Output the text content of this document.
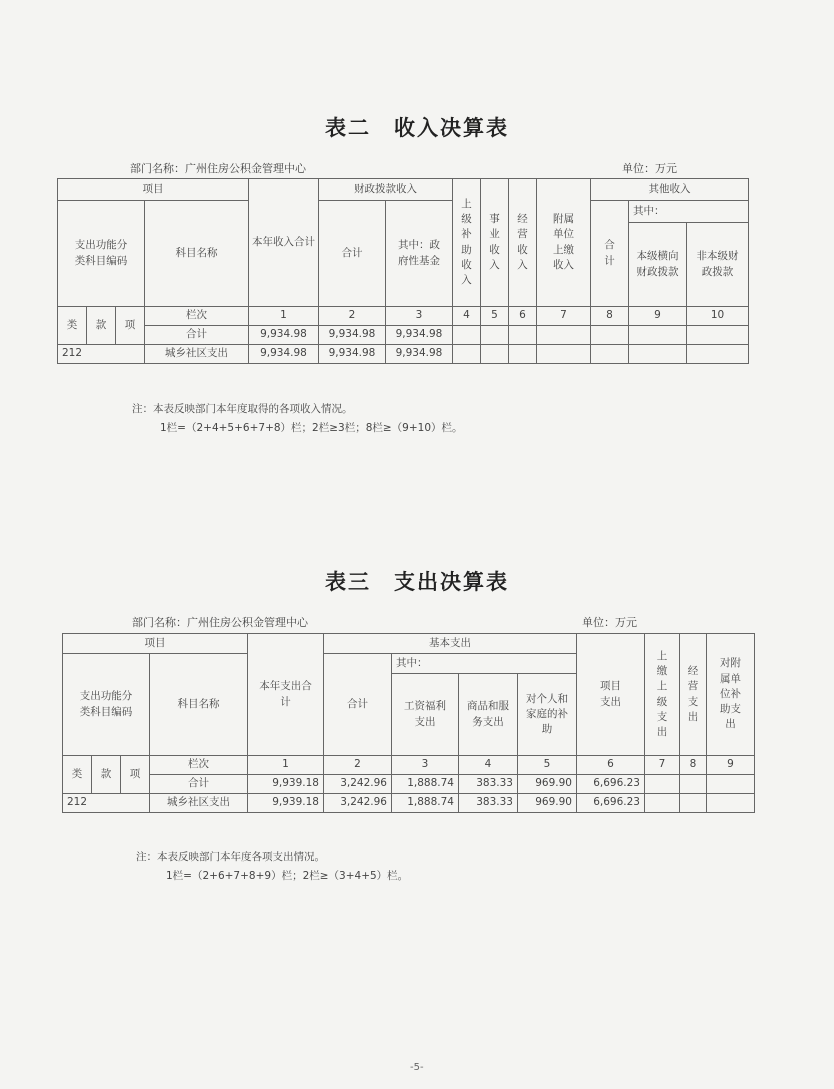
表二　收入决算表
部门名称：广州住房公积金管理中心	单位：万元
项目				本年收入合计	财政拨款收入		上级补助收入	事业收入	经营收入	附属单位上缴收入	其他收入		
支出功能分类科目编码			科目名称		合计	其中：政府性基金					合计	其中：	
												本级横向财政拨款	非本级财政拨款
类	款	项	栏次	1	2	3	4	5	6	7	8	9	10
			合计	9,934.98	9,934.98	9,934.98							
212			城乡社区支出	9,934.98	9,934.98	9,934.98							
注：本表反映部门本年度取得的各项收入情况。
1栏=（2+4+5+6+7+8）栏；2栏≥3栏；8栏≥（9+10）栏。
表三　支出决算表
部门名称：广州住房公积金管理中心	单位：万元
项目				本年支出合计	基本支出				项目支出	上缴上级支出	经营支出	对附属单位补助支出
支出功能分类科目编码			科目名称		合计	其中：						
						工资福利支出	商品和服务支出	对个人和家庭的补助				
类	款	项	栏次	1	2	3	4	5	6	7	8	9
			合计	9,939.18	3,242.96	1,888.74	383.33	969.90	6,696.23			
212			城乡社区支出	9,939.18	3,242.96	1,888.74	383.33	969.90	6,696.23			
注：本表反映部门本年度各项支出情况。
1栏=（2+6+7+8+9）栏；2栏≥（3+4+5）栏。
-5-
